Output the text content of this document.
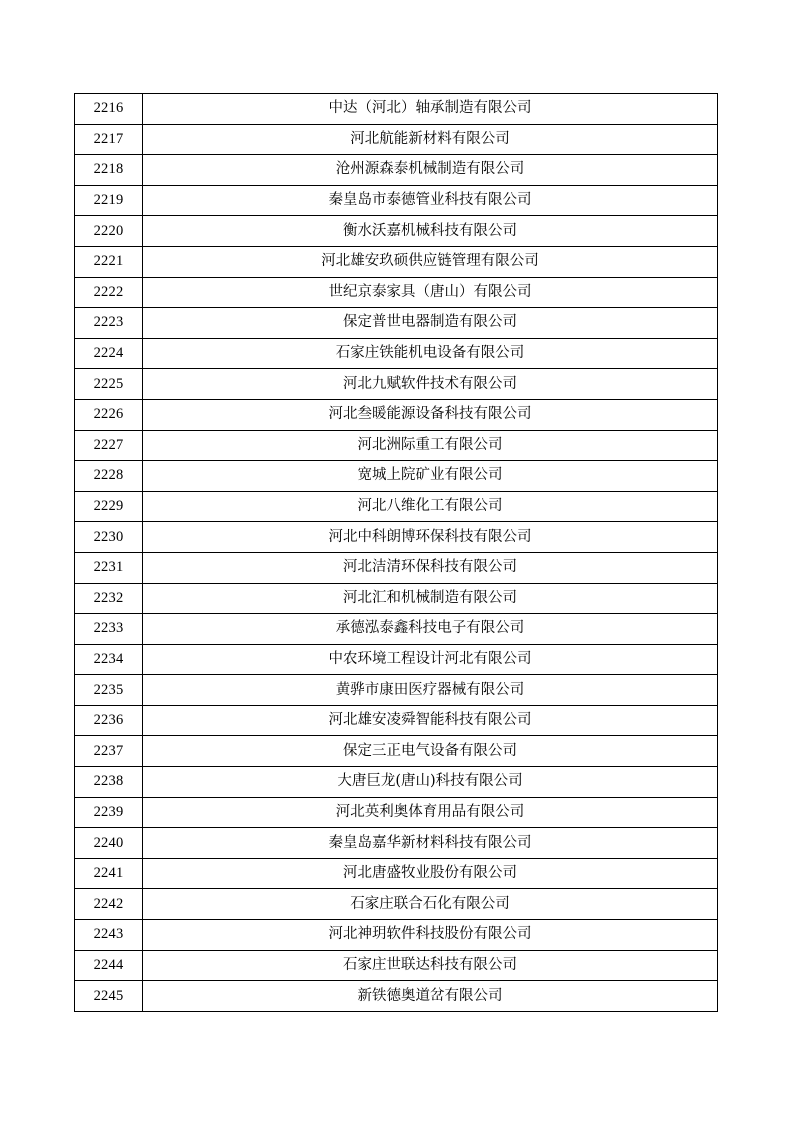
2216	中达（河北）轴承制造有限公司
2217	河北航能新材料有限公司
2218	沧州源森泰机械制造有限公司
2219	秦皇岛市泰德管业科技有限公司
2220	衡水沃嘉机械科技有限公司
2221	河北雄安玖硕供应链管理有限公司
2222	世纪京泰家具（唐山）有限公司
2223	保定普世电器制造有限公司
2224	石家庄铁能机电设备有限公司
2225	河北九赋软件技术有限公司
2226	河北叁暖能源设备科技有限公司
2227	河北洲际重工有限公司
2228	宽城上院矿业有限公司
2229	河北八维化工有限公司
2230	河北中科朗博环保科技有限公司
2231	河北洁清环保科技有限公司
2232	河北汇和机械制造有限公司
2233	承德泓泰鑫科技电子有限公司
2234	中农环境工程设计河北有限公司
2235	黄骅市康田医疗器械有限公司
2236	河北雄安凌舜智能科技有限公司
2237	保定三正电气设备有限公司
2238	大唐巨龙(唐山)科技有限公司
2239	河北英利奥体育用品有限公司
2240	秦皇岛嘉华新材料科技有限公司
2241	河北唐盛牧业股份有限公司
2242	石家庄联合石化有限公司
2243	河北神玥软件科技股份有限公司
2244	石家庄世联达科技有限公司
2245	新铁德奥道岔有限公司
